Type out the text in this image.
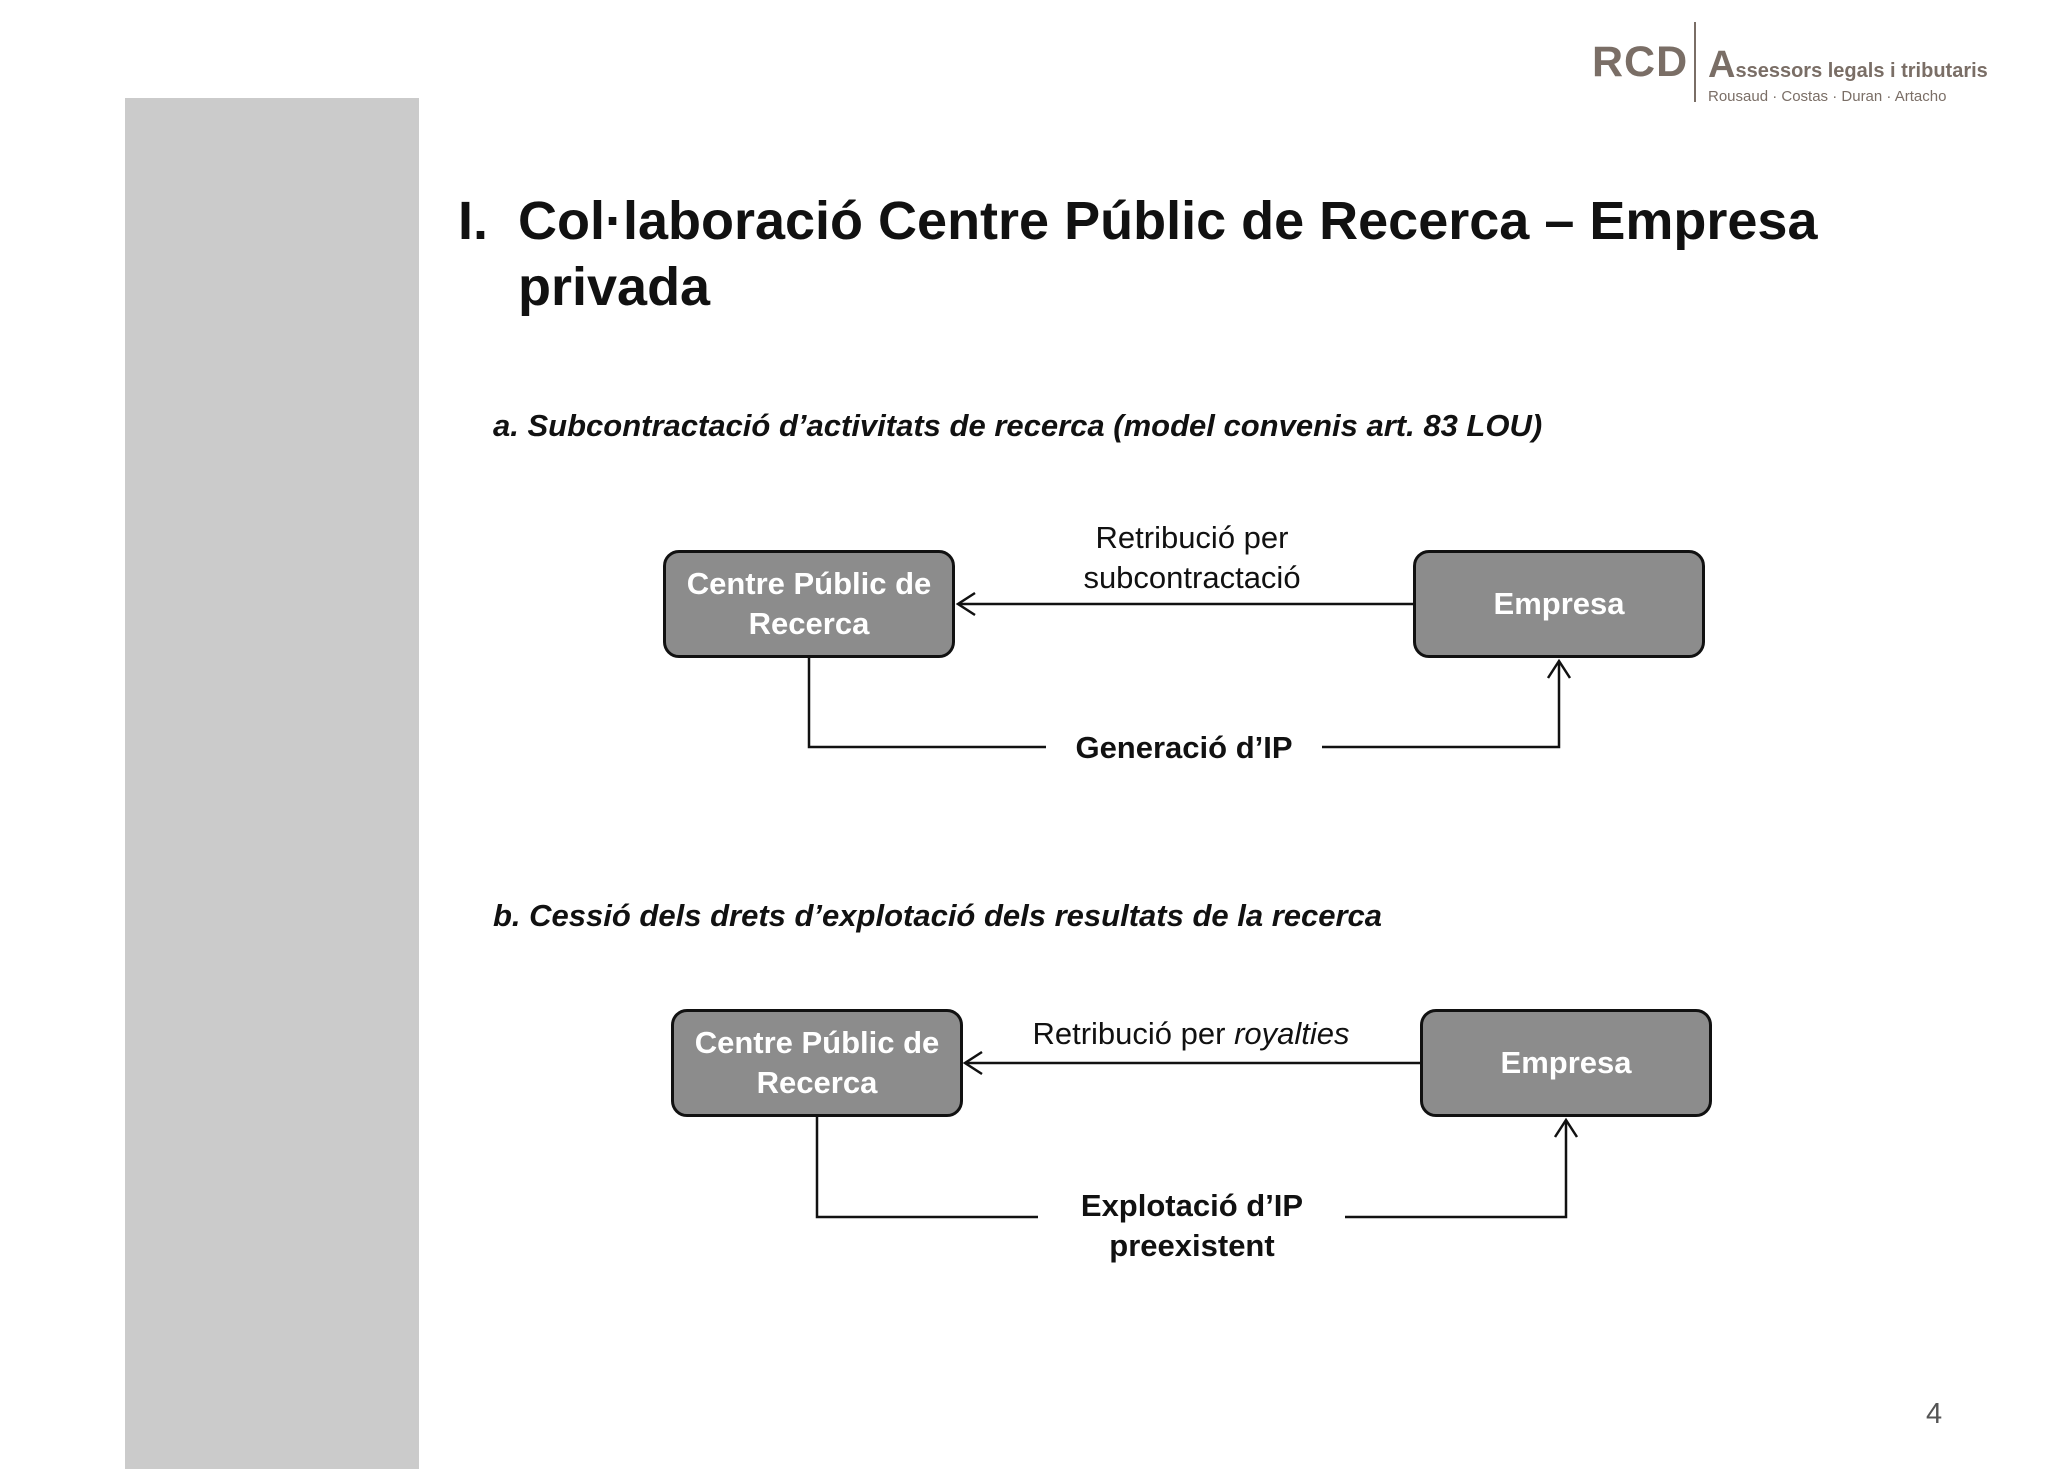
RCD Assessors legals i tributaris
Rousaud · Costas · Duran · Artacho
I. Col·laboració Centre Públic de Recerca – Empresa privada
a. Subcontractació d’activitats de recerca (model convenis art. 83 LOU)
Centre Públic de Recerca
Empresa
Retribució per
subcontractació
Generació d’IP
b. Cessió dels drets d’explotació dels resultats de la recerca
Centre Públic de Recerca
Empresa
Retribució per royalties
Explotació d’IP
preexistent
4
